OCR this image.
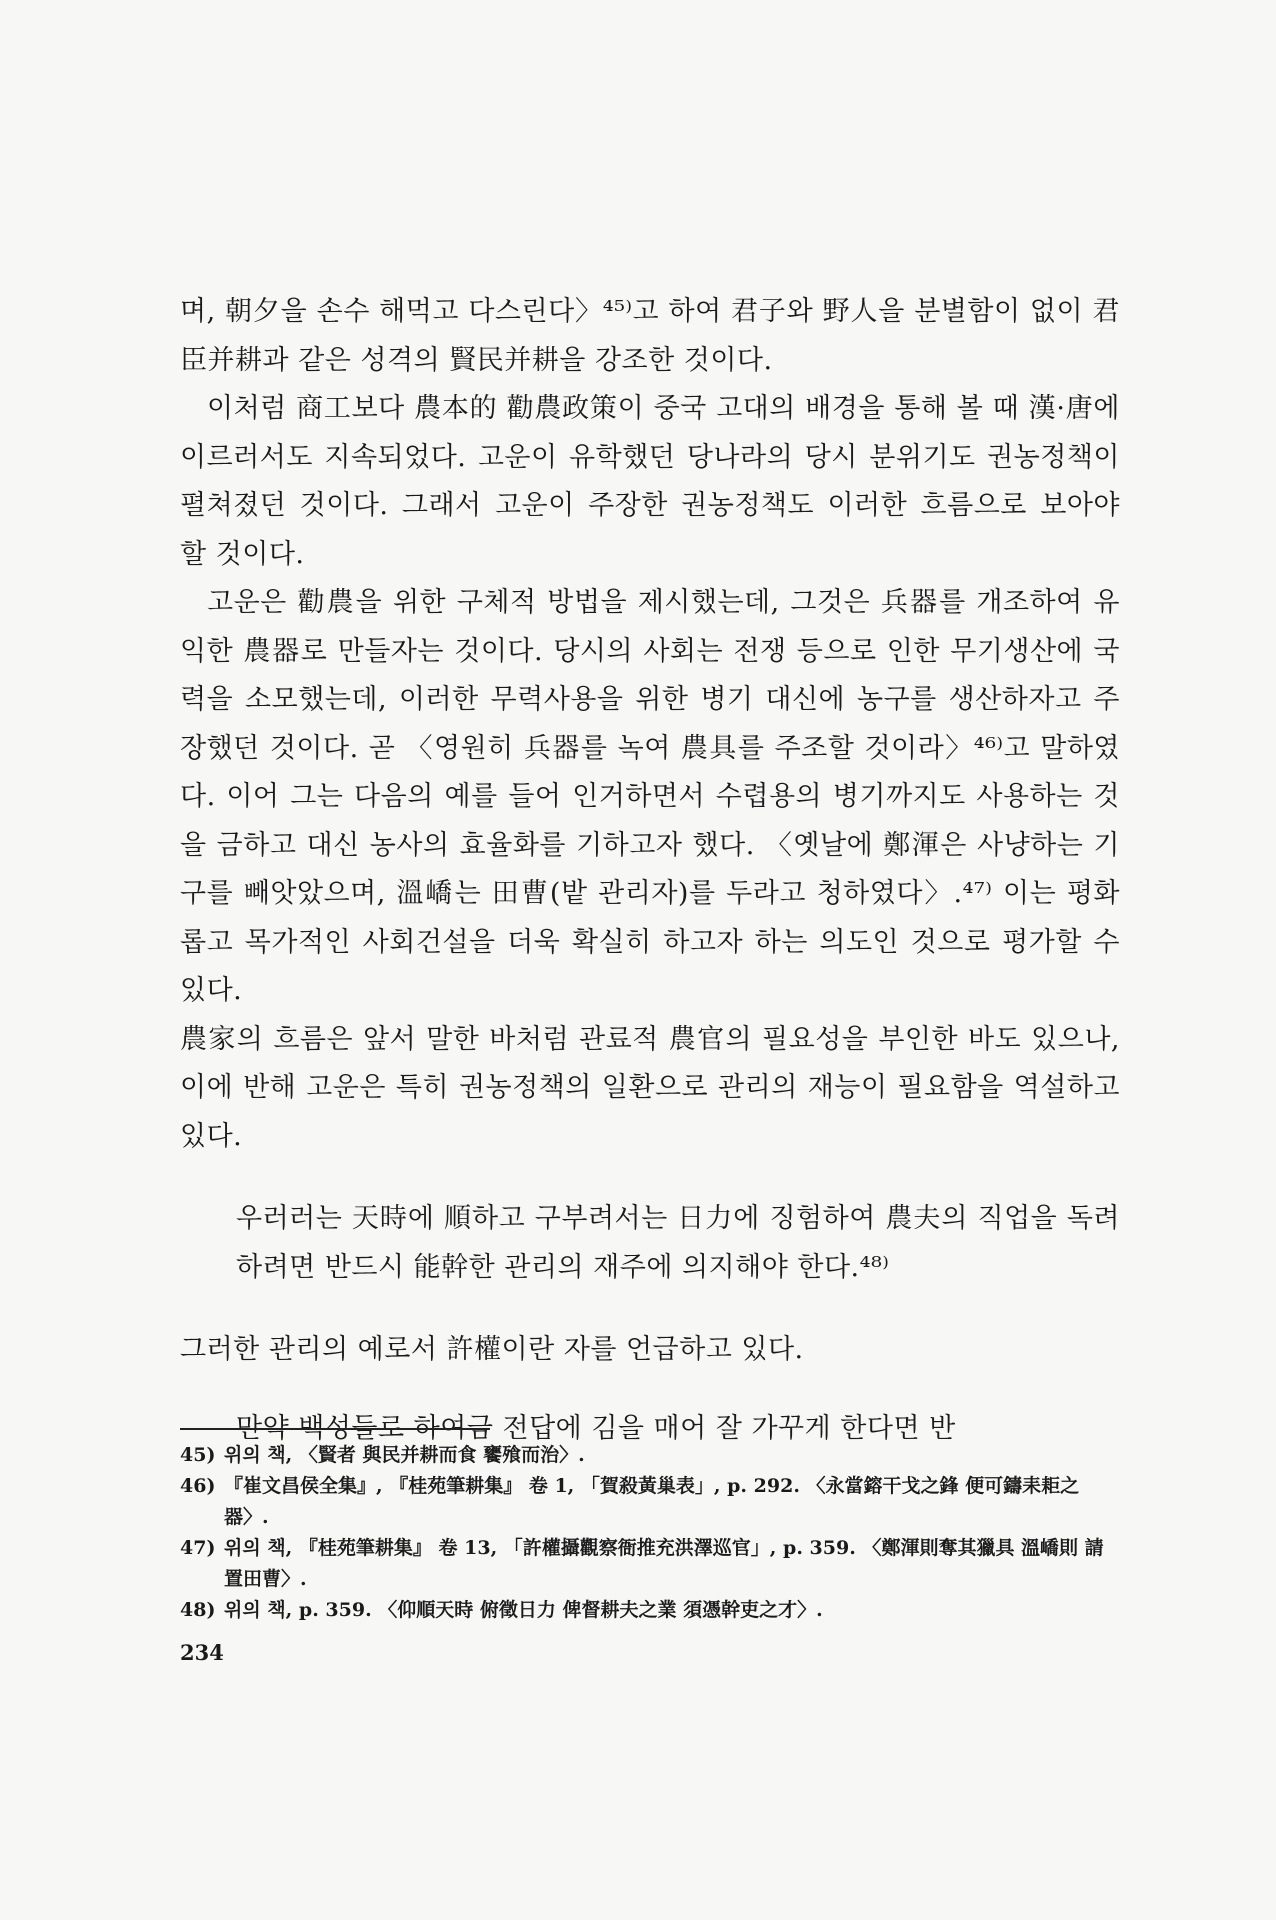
며, 朝夕을 손수 해먹고 다스린다〉⁴⁵⁾고 하여 君子와 野人을 분별함이 없이 君臣并耕과 같은 성격의 賢民并耕을 강조한 것이다.

이처럼 商工보다 農本的 勸農政策이 중국 고대의 배경을 통해 볼 때 漢·唐에 이르러서도 지속되었다. 고운이 유학했던 당나라의 당시 분위기도 권농정책이 펼쳐졌던 것이다. 그래서 고운이 주장한 권농정책도 이러한 흐름으로 보아야 할 것이다.

고운은 勸農을 위한 구체적 방법을 제시했는데, 그것은 兵器를 개조하여 유익한 農器로 만들자는 것이다. 당시의 사회는 전쟁 등으로 인한 무기생산에 국력을 소모했는데, 이러한 무력사용을 위한 병기 대신에 농구를 생산하자고 주장했던 것이다. 곧 〈영원히 兵器를 녹여 農具를 주조할 것이라〉⁴⁶⁾고 말하였다. 이어 그는 다음의 예를 들어 인거하면서 수렵용의 병기까지도 사용하는 것을 금하고 대신 농사의 효율화를 기하고자 했다. 〈옛날에 鄭渾은 사냥하는 기구를 빼앗았으며, 溫嶠는 田曹(밭 관리자)를 두라고 청하였다〉.⁴⁷⁾ 이는 평화롭고 목가적인 사회건설을 더욱 확실히 하고자 하는 의도인 것으로 평가할 수 있다.

農家의 흐름은 앞서 말한 바처럼 관료적 農官의 필요성을 부인한 바도 있으나, 이에 반해 고운은 특히 권농정책의 일환으로 관리의 재능이 필요함을 역설하고 있다.

우러러는 天時에 順하고 구부려서는 日力에 징험하여 農夫의 직업을 독려하려면 반드시 能幹한 관리의 재주에 의지해야 한다.⁴⁸⁾

그러한 관리의 예로서 許權이란 자를 언급하고 있다.

만약 백성들로 하여금 전답에 김을 매어 잘 가꾸게 한다면 반

45) 위의 책, 〈賢者 與民并耕而食 饔飱而治〉.
46) 『崔文昌侯全集』, 『桂苑筆耕集』 卷 1, 「賀殺黃巢表」, p. 292. 〈永當鎔干戈之鋒 便可鑄耒耟之器〉.
47) 위의 책, 『桂苑筆耕集』 卷 13, 「許權攝觀察衙推充洪澤巡官」, p. 359. 〈鄭渾則奪其獵具 溫嶠則 請置田曹〉.
48) 위의 책, p. 359. 〈仰順天時 俯徵日力 俾督耕夫之業 須憑幹吏之才〉.
234
